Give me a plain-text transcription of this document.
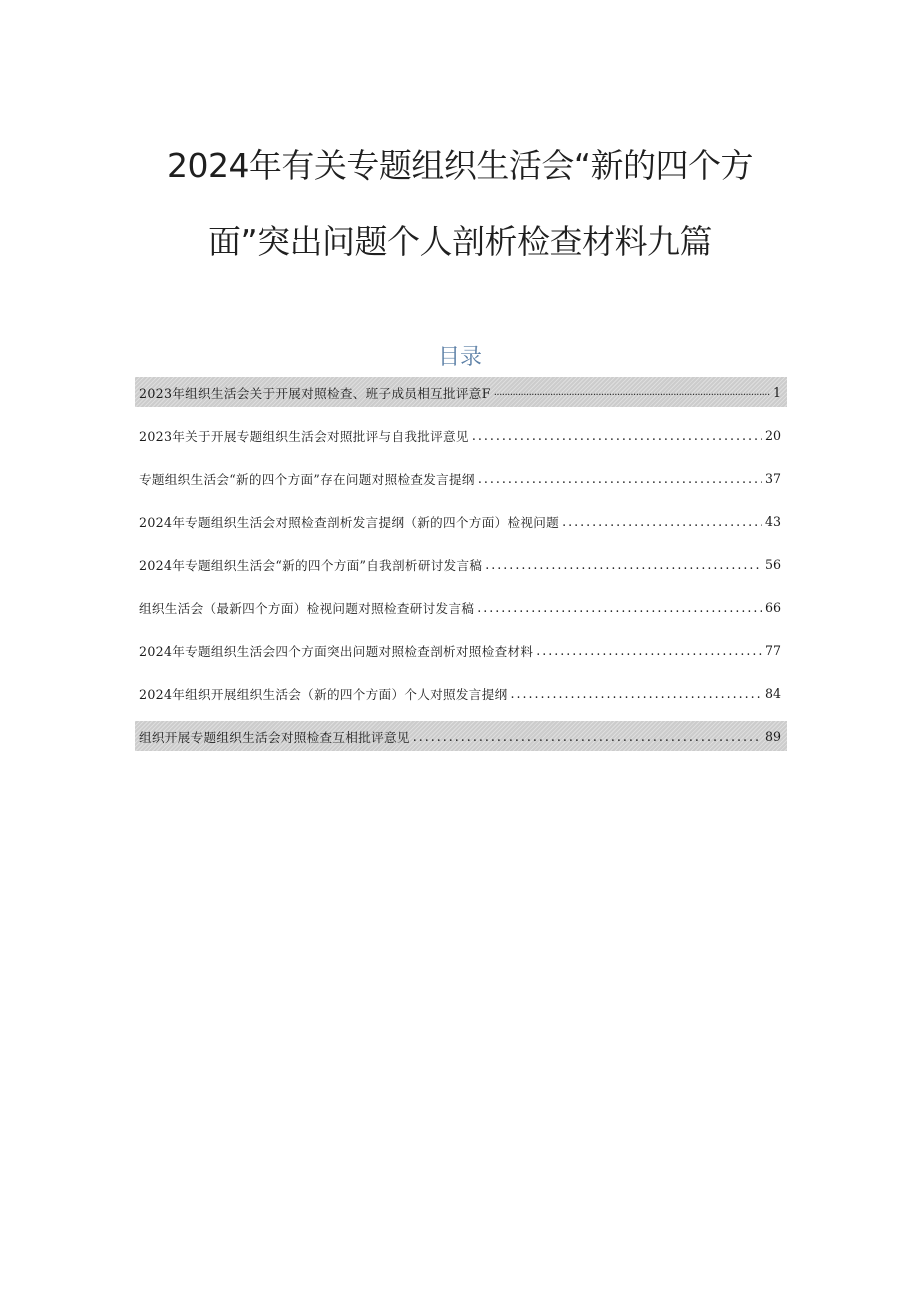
2024年有关专题组织生活会“新的四个方
面”突出问题个人剖析检查材料九篇
目录
2023年组织生活会关于开展对照检查、班子成员相互批评意F .....	1
2023年关于开展专题组织生活会对照批评与自我批评意见 .....	20
专题组织生活会“新的四个方面”存在问题对照检查发言提纲 .....	37
2024年专题组织生活会对照检查剖析发言提纲（新的四个方面）检视问题 .....	43
2024年专题组织生活会“新的四个方面”自我剖析研讨发言稿 .....	56
组织生活会（最新四个方面）检视问题对照检查研讨发言稿 .....	66
2024年专题组织生活会四个方面突出问题对照检查剖析对照检查材料 .....	77
2024年组织开展组织生活会（新的四个方面）个人对照发言提纲 .....	84
组织开展专题组织生活会对照检查互相批评意见 .....	89
